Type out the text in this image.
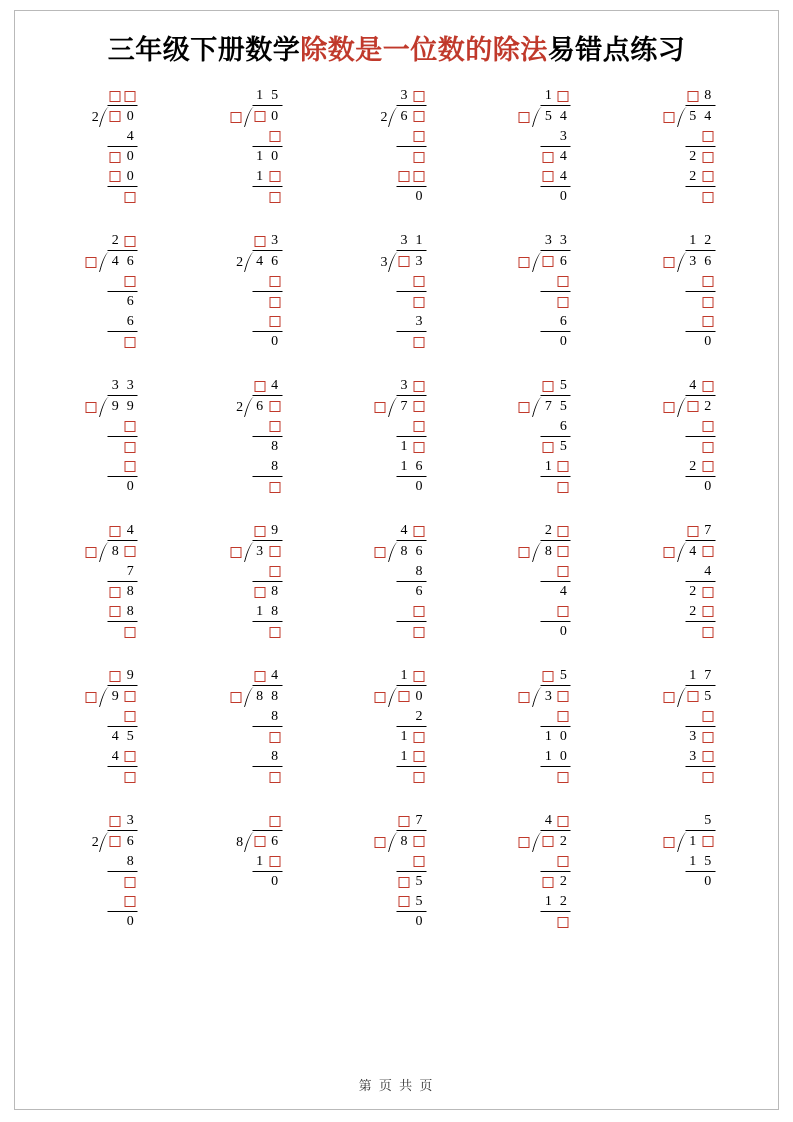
三年级下册数学除数是一位数的除法易错点练习
2 0
4
0
0
1 5
0
1 0
1
3
2 6
0
1
5 4
3
4
4
0
8
5 4
2
2
2
4 6
6
6
3
2 4 6
0
3 1
3 3
3
3 3
6
6
0
1 2
3 6
0
3 3
9 9
0
4
2 6
8
8
3
7
1
1 6
0
5
7 5
6
5
1
4
2
2
0
4
8
7
8
8
9
3
8
1 8
4
8 6
8
6
2
8
4
0
7
4
4
2
2
9
9
4 5
4
4
8 8
8
8
1
0
2
1
1
5
3
1 0
1 0
1 7
5
3
3
3
2 6
8
0
8 6
1
0
7
8
5
5
0
4
2
2
1 2
5
1
1 5
0
第 页 共 页
